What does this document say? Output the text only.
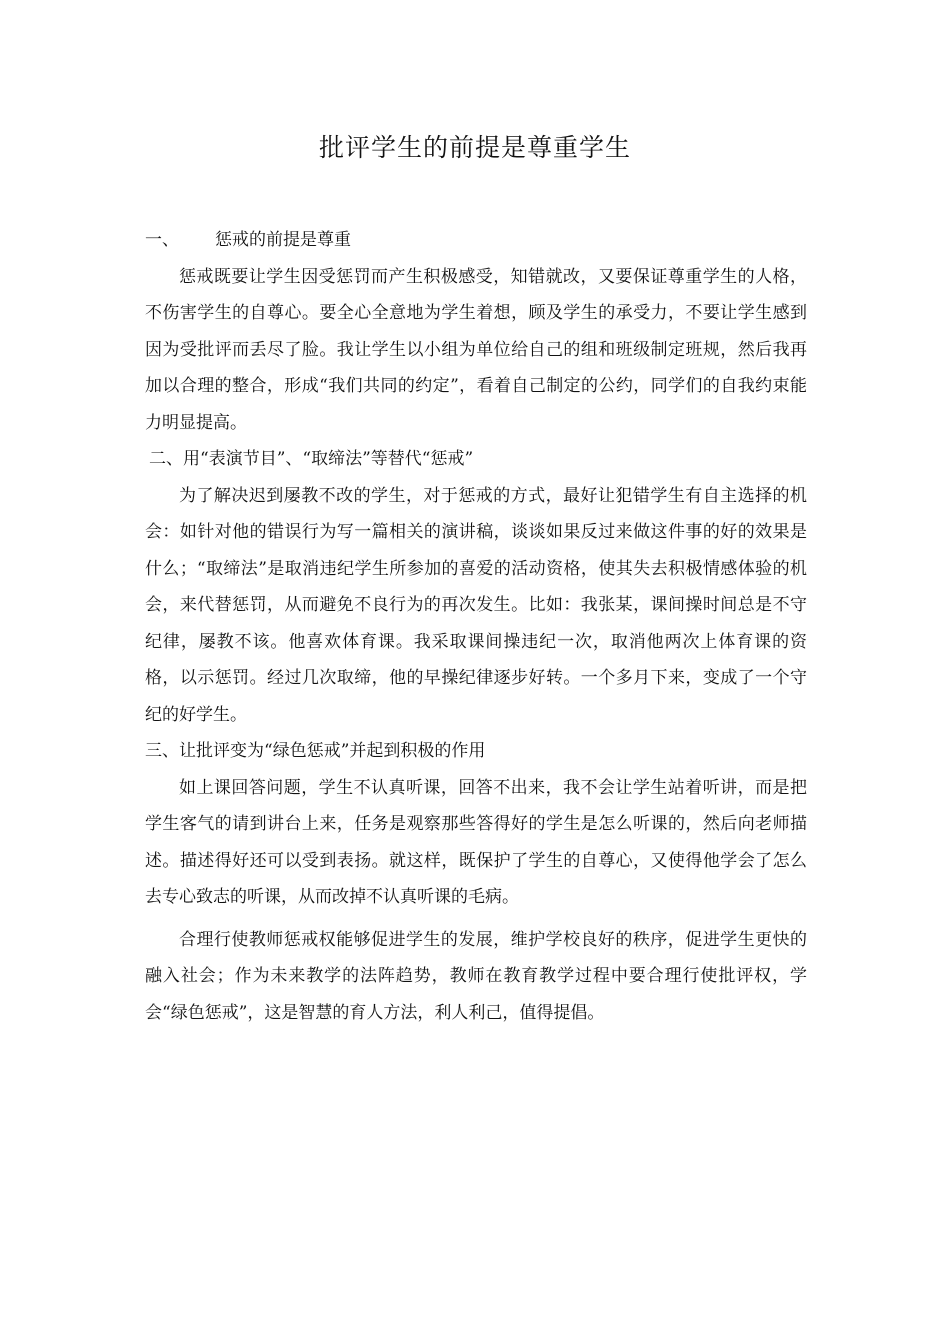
批评学生的前提是尊重学生

一、 惩戒的前提是尊重

惩戒既要让学生因受惩罚而产生积极感受，知错就改，又要保证尊重学生的人格，不伤害学生的自尊心。要全心全意地为学生着想，顾及学生的承受力，不要让学生感到因为受批评而丢尽了脸。我让学生以小组为单位给自己的组和班级制定班规，然后我再加以合理的整合，形成“我们共同的约定”，看着自己制定的公约，同学们的自我约束能力明显提高。

二、用“表演节目”、“取缔法”等替代“惩戒”

为了解决迟到屡教不改的学生，对于惩戒的方式，最好让犯错学生有自主选择的机会：如针对他的错误行为写一篇相关的演讲稿，谈谈如果反过来做这件事的好的效果是什么；“取缔法”是取消违纪学生所参加的喜爱的活动资格，使其失去积极情感体验的机会，来代替惩罚，从而避免不良行为的再次发生。比如：我张某，课间操时间总是不守纪律，屡教不该。他喜欢体育课。我采取课间操违纪一次，取消他两次上体育课的资格，以示惩罚。经过几次取缔，他的早操纪律逐步好转。一个多月下来，变成了一个守纪的好学生。

三、让批评变为“绿色惩戒”并起到积极的作用

如上课回答问题，学生不认真听课，回答不出来，我不会让学生站着听讲，而是把学生客气的请到讲台上来，任务是观察那些答得好的学生是怎么听课的，然后向老师描述。描述得好还可以受到表扬。就这样，既保护了学生的自尊心，又使得他学会了怎么去专心致志的听课，从而改掉不认真听课的毛病。

合理行使教师惩戒权能够促进学生的发展，维护学校良好的秩序，促进学生更快的融入社会；作为未来教学的法阵趋势，教师在教育教学过程中要合理行使批评权，学会“绿色惩戒”，这是智慧的育人方法，利人利己，值得提倡。
